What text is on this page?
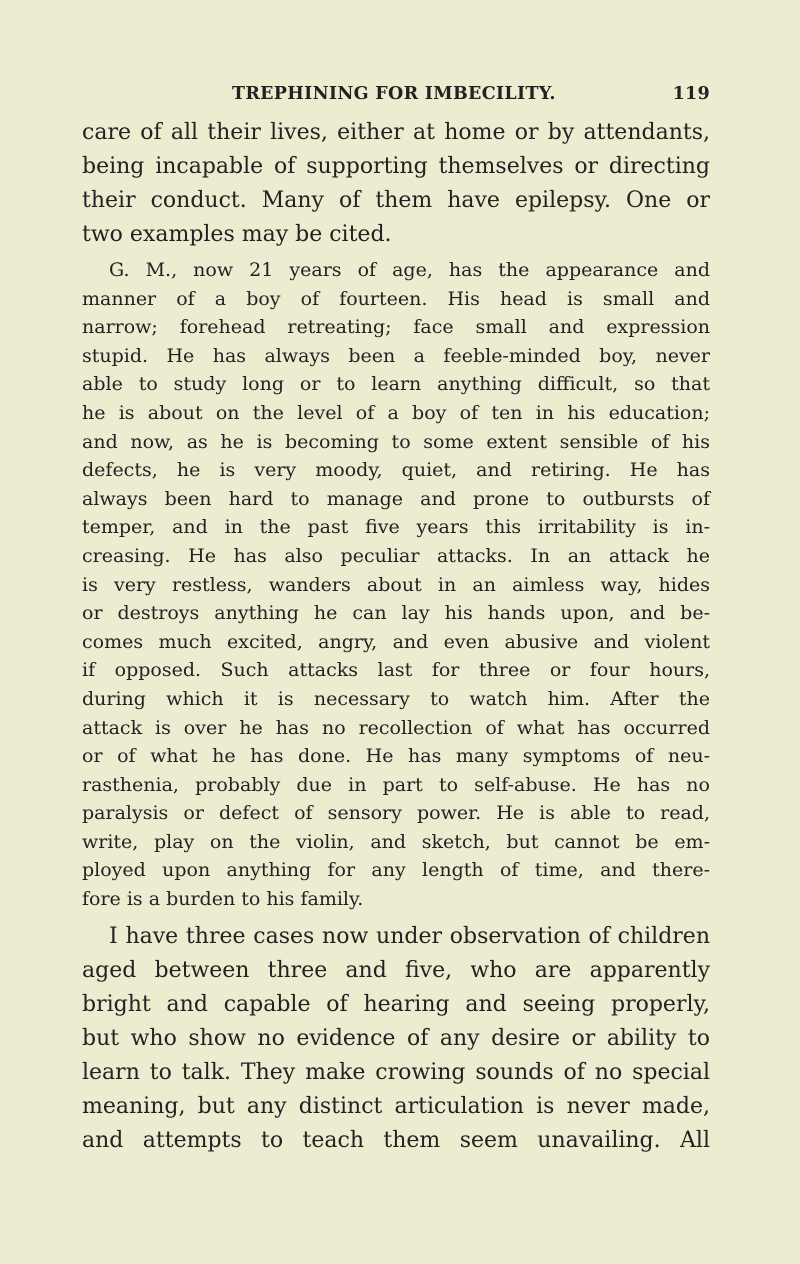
TREPHINING FOR IMBECILITY.	119
care of all their lives, either at home or by attendants,
being incapable of supporting themselves or directing
their conduct. Many of them have epilepsy. One or
two examples may be cited.
G. M., now 21 years of age, has the appearance and
manner of a boy of fourteen. His head is small and
narrow; forehead retreating; face small and expression
stupid. He has always been a feeble-minded boy, never
able to study long or to learn anything difficult, so that
he is about on the level of a boy of ten in his education;
and now, as he is becoming to some extent sensible of his
defects, he is very moody, quiet, and retiring. He has
always been hard to manage and prone to outbursts of
temper, and in the past five years this irritability is in-
creasing. He has also peculiar attacks. In an attack he
is very restless, wanders about in an aimless way, hides
or destroys anything he can lay his hands upon, and be-
comes much excited, angry, and even abusive and violent
if opposed. Such attacks last for three or four hours,
during which it is necessary to watch him. After the
attack is over he has no recollection of what has occurred
or of what he has done. He has many symptoms of neu-
rasthenia, probably due in part to self-abuse. He has no
paralysis or defect of sensory power. He is able to read,
write, play on the violin, and sketch, but cannot be em-
ployed upon anything for any length of time, and there-
fore is a burden to his family.
I have three cases now under observation of children
aged between three and five, who are apparently
bright and capable of hearing and seeing properly,
but who show no evidence of any desire or ability to
learn to talk. They make crowing sounds of no special
meaning, but any distinct articulation is never made,
and attempts to teach them seem unavailing. All
